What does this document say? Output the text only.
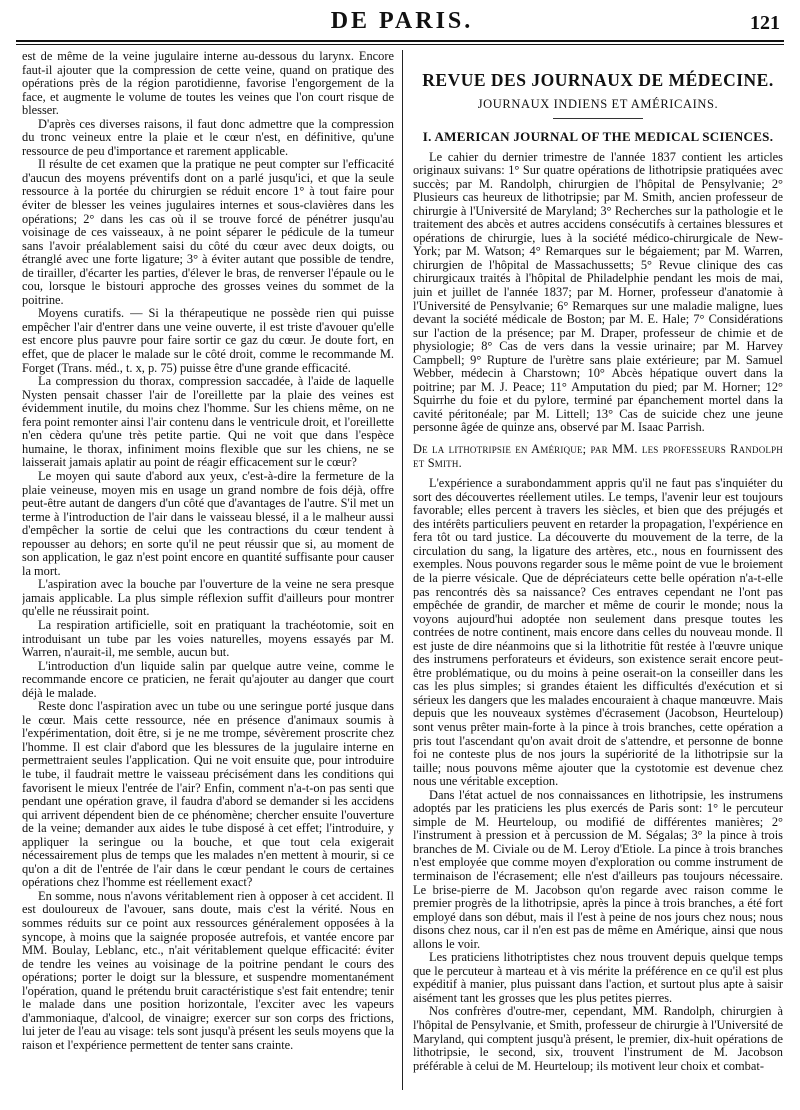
DE PARIS.	121

est de même de la veine jugulaire interne au-dessous du larynx. Encore faut-il ajouter que la compression de cette veine, quand on pratique des opérations près de la région parotidienne, favorise l'engorgement de la face, et augmente le volume de toutes les veines que l'on court risque de blesser.

D'après ces diverses raisons, il faut donc admettre que la compression du tronc veineux entre la plaie et le cœur n'est, en définitive, qu'une ressource de peu d'importance et rarement applicable.

Il résulte de cet examen que la pratique ne peut compter sur l'efficacité d'aucun des moyens préventifs dont on a parlé jusqu'ici, et que la seule ressource à la portée du chirurgien se réduit encore 1° à tout faire pour éviter de blesser les veines jugulaires internes et sous-clavières dans les opérations; 2° dans les cas où il se trouve forcé de pénétrer jusqu'au voisinage de ces vaisseaux, à ne point séparer le pédicule de la tumeur sans l'avoir préalablement saisi du côté du cœur avec deux doigts, ou étranglé avec une forte ligature; 3° à éviter autant que possible de tendre, de tirailler, d'écarter les parties, d'élever le bras, de renverser l'épaule ou le cou, lorsque le bistouri approche des grosses veines du sommet de la poitrine.

Moyens curatifs. — Si la thérapeutique ne possède rien qui puisse empêcher l'air d'entrer dans une veine ouverte, il est triste d'avouer qu'elle est encore plus pauvre pour faire sortir ce gaz du cœur. Je doute fort, en effet, que de placer le malade sur le côté droit, comme le recommande M. Forget (Trans. méd., t. x, p. 75) puisse être d'une grande efficacité.

La compression du thorax, compression saccadée, à l'aide de laquelle Nysten pensait chasser l'air de l'oreillette par la plaie des veines est évidemment inutile, du moins chez l'homme. Sur les chiens même, on ne fera point remonter ainsi l'air contenu dans le ventricule droit, et l'oreillette n'en cèdera qu'une très petite partie. Qui ne voit que dans l'espèce humaine, le thorax, infiniment moins flexible que sur les chiens, ne se laisserait jamais aplatir au point de réagir efficacement sur le cœur?

Le moyen qui saute d'abord aux yeux, c'est-à-dire la fermeture de la plaie veineuse, moyen mis en usage un grand nombre de fois déjà, offre peut-être autant de dangers d'un côté que d'avantages de l'autre. S'il met un terme à l'introduction de l'air dans le vaisseau blessé, il a le malheur aussi d'empêcher la sortie de celui que les contractions du cœur tendent à repousser au dehors; en sorte qu'il ne peut réussir que si, au moment de son application, le gaz n'est point encore en quantité suffisante pour causer la mort.

L'aspiration avec la bouche par l'ouverture de la veine ne sera presque jamais applicable. La plus simple réflexion suffit d'ailleurs pour montrer qu'elle ne réussirait point.

La respiration artificielle, soit en pratiquant la trachéotomie, soit en introduisant un tube par les voies naturelles, moyens essayés par M. Warren, n'aurait-il, me semble, aucun but.

L'introduction d'un liquide salin par quelque autre veine, comme le recommande encore ce praticien, ne ferait qu'ajouter au danger que court déjà le malade.

Reste donc l'aspiration avec un tube ou une seringue porté jusque dans le cœur. Mais cette ressource, née en présence d'animaux soumis à l'expérimentation, doit être, si je ne me trompe, sévèrement proscrite chez l'homme. Il est clair d'abord que les blessures de la jugulaire interne en permettraient seules l'application. Qui ne voit ensuite que, pour introduire le tube, il faudrait mettre le vaisseau précisément dans les conditions qui favorisent le mieux l'entrée de l'air? Enfin, comment n'a-t-on pas senti que pendant une opération grave, il faudra d'abord se demander si les accidens qui arrivent dépendent bien de ce phénomène; chercher ensuite l'ouverture de la veine; demander aux aides le tube disposé à cet effet; l'introduire, y appliquer la seringue ou la bouche, et que tout cela exigerait nécessairement plus de temps que les malades n'en mettent à mourir, si ce qu'on a dit de l'entrée de l'air dans le cœur pendant le cours de certaines opérations chez l'homme est réellement exact?

En somme, nous n'avons véritablement rien à opposer à cet accident. Il est douloureux de l'avouer, sans doute, mais c'est la vérité. Nous en sommes réduits sur ce point aux ressources généralement opposées à la syncope, à moins que la saignée proposée autrefois, et vantée encore par MM. Boulay, Leblanc, etc., n'ait véritablement quelque efficacité: éviter de tendre les veines au voisinage de la poitrine pendant le cours des opérations; porter le doigt sur la blessure, et suspendre momentanément l'opération, quand le prétendu bruit caractéristique s'est fait entendre; tenir le malade dans une position horizontale, l'exciter avec les vapeurs d'ammoniaque, d'alcool, de vinaigre; exercer sur son corps des frictions, lui jeter de l'eau au visage: tels sont jusqu'à présent les seuls moyens que la raison et l'expérience permettent de tenter sans crainte.

REVUE DES JOURNAUX DE MÉDECINE.
JOURNAUX INDIENS ET AMÉRICAINS.
I. AMERICAN JOURNAL OF THE MEDICAL SCIENCES.

Le cahier du dernier trimestre de l'année 1837 contient les articles originaux suivans: 1° Sur quatre opérations de lithotripsie pratiquées avec succès; par M. Randolph, chirurgien de l'hôpital de Pensylvanie; 2° Plusieurs cas heureux de lithotripsie; par M. Smith, ancien professeur de chirurgie à l'Université de Maryland; 3° Recherches sur la pathologie et le traitement des abcès et autres accidens consécutifs à certaines blessures et opérations de chirurgie, lues à la société médico-chirurgicale de New-York; par M. Watson; 4° Remarques sur le bégaiement; par M. Warren, chirurgien de l'hôpital de Massachussetts; 5° Revue clinique des cas chirurgicaux traités à l'hôpital de Philadelphie pendant les mois de mai, juin et juillet de l'année 1837; par M. Horner, professeur d'anatomie à l'Université de Pensylvanie; 6° Remarques sur une maladie maligne, lues devant la société médicale de Boston; par M. E. Hale; 7° Considérations sur l'action de la présence; par M. Draper, professeur de chimie et de physiologie; 8° Cas de vers dans la vessie urinaire; par M. Harvey Campbell; 9° Rupture de l'urètre sans plaie extérieure; par M. Samuel Webber, médecin à Charstown; 10° Abcès hépatique ouvert dans la poitrine; par M. J. Peace; 11° Amputation du pied; par M. Horner; 12° Squirrhe du foie et du pylore, terminé par épanchement mortel dans la cavité péritonéale; par M. Littell; 13° Cas de suicide chez une jeune personne âgée de quinze ans, observé par M. Isaac Parrish.

De la lithotripsie en Amérique; par MM. les professeurs Randolph et Smith.

L'expérience a surabondamment appris qu'il ne faut pas s'inquiéter du sort des découvertes réellement utiles. Le temps, l'avenir leur est toujours favorable; elles percent à travers les siècles, et bien que des préjugés et des intérêts particuliers peuvent en retarder la propagation, l'expérience en fera tôt ou tard justice. La découverte du mouvement de la terre, de la circulation du sang, la ligature des artères, etc., nous en fournissent des exemples. Nous pouvons regarder sous le même point de vue le broiement de la pierre vésicale. Que de dépréciateurs cette belle opération n'a-t-elle pas rencontrés dès sa naissance? Ces entraves cependant ne l'ont pas empêchée de grandir, de marcher et même de courir le monde; nous la voyons aujourd'hui adoptée non seulement dans presque toutes les contrées de notre continent, mais encore dans celles du nouveau monde. Il est juste de dire néanmoins que si la lithotritie fût restée à l'œuvre unique des instrumens perforateurs et évideurs, son existence serait encore peut-être problématique, ou du moins à peine oserait-on la conseiller dans les cas les plus simples; si grandes étaient les difficultés d'exécution et si sérieux les dangers que les malades encouraient à chaque manœuvre. Mais depuis que les nouveaux systèmes d'écrasement (Jacobson, Heurteloup) sont venus prêter main-forte à la pince à trois branches, cette opération a pris tout l'ascendant qu'on avait droit de s'attendre, et personne de bonne foi ne conteste plus de nos jours la supériorité de la lithotripsie sur la taille; nous pouvons même ajouter que la cystotomie est devenue chez nous une véritable exception.

Dans l'état actuel de nos connaissances en lithotripsie, les instrumens adoptés par les praticiens les plus exercés de Paris sont: 1° le percuteur simple de M. Heurteloup, ou modifié de différentes manières; 2° l'instrument à pression et à percussion de M. Ségalas; 3° la pince à trois branches de M. Civiale ou de M. Leroy d'Etiole. La pince à trois branches n'est employée que comme moyen d'exploration ou comme instrument de terminaison de l'écrasement; elle n'est d'ailleurs pas toujours nécessaire. Le brise-pierre de M. Jacobson qu'on regarde avec raison comme le premier progrès de la lithotripsie, après la pince à trois branches, a été fort employé dans son début, mais il l'est à peine de nos jours chez nous; nous disons chez nous, car il n'en est pas de même en Amérique, ainsi que nous allons le voir.

Les praticiens lithotriptistes chez nous trouvent depuis quelque temps que le percuteur à marteau et à vis mérite la préférence en ce qu'il est plus expéditif à manier, plus puissant dans l'action, et surtout plus apte à saisir aisément tant les grosses que les plus petites pierres.

Nos confrères d'outre-mer, cependant, MM. Randolph, chirurgien à l'hôpital de Pensylvanie, et Smith, professeur de chirurgie à l'Université de Maryland, qui comptent jusqu'à présent, le premier, dix-huit opérations de lithotripsie, le second, six, trouvent l'instrument de M. Jacobson préférable à celui de M. Heurteloup; ils motivent leur choix et combat-
